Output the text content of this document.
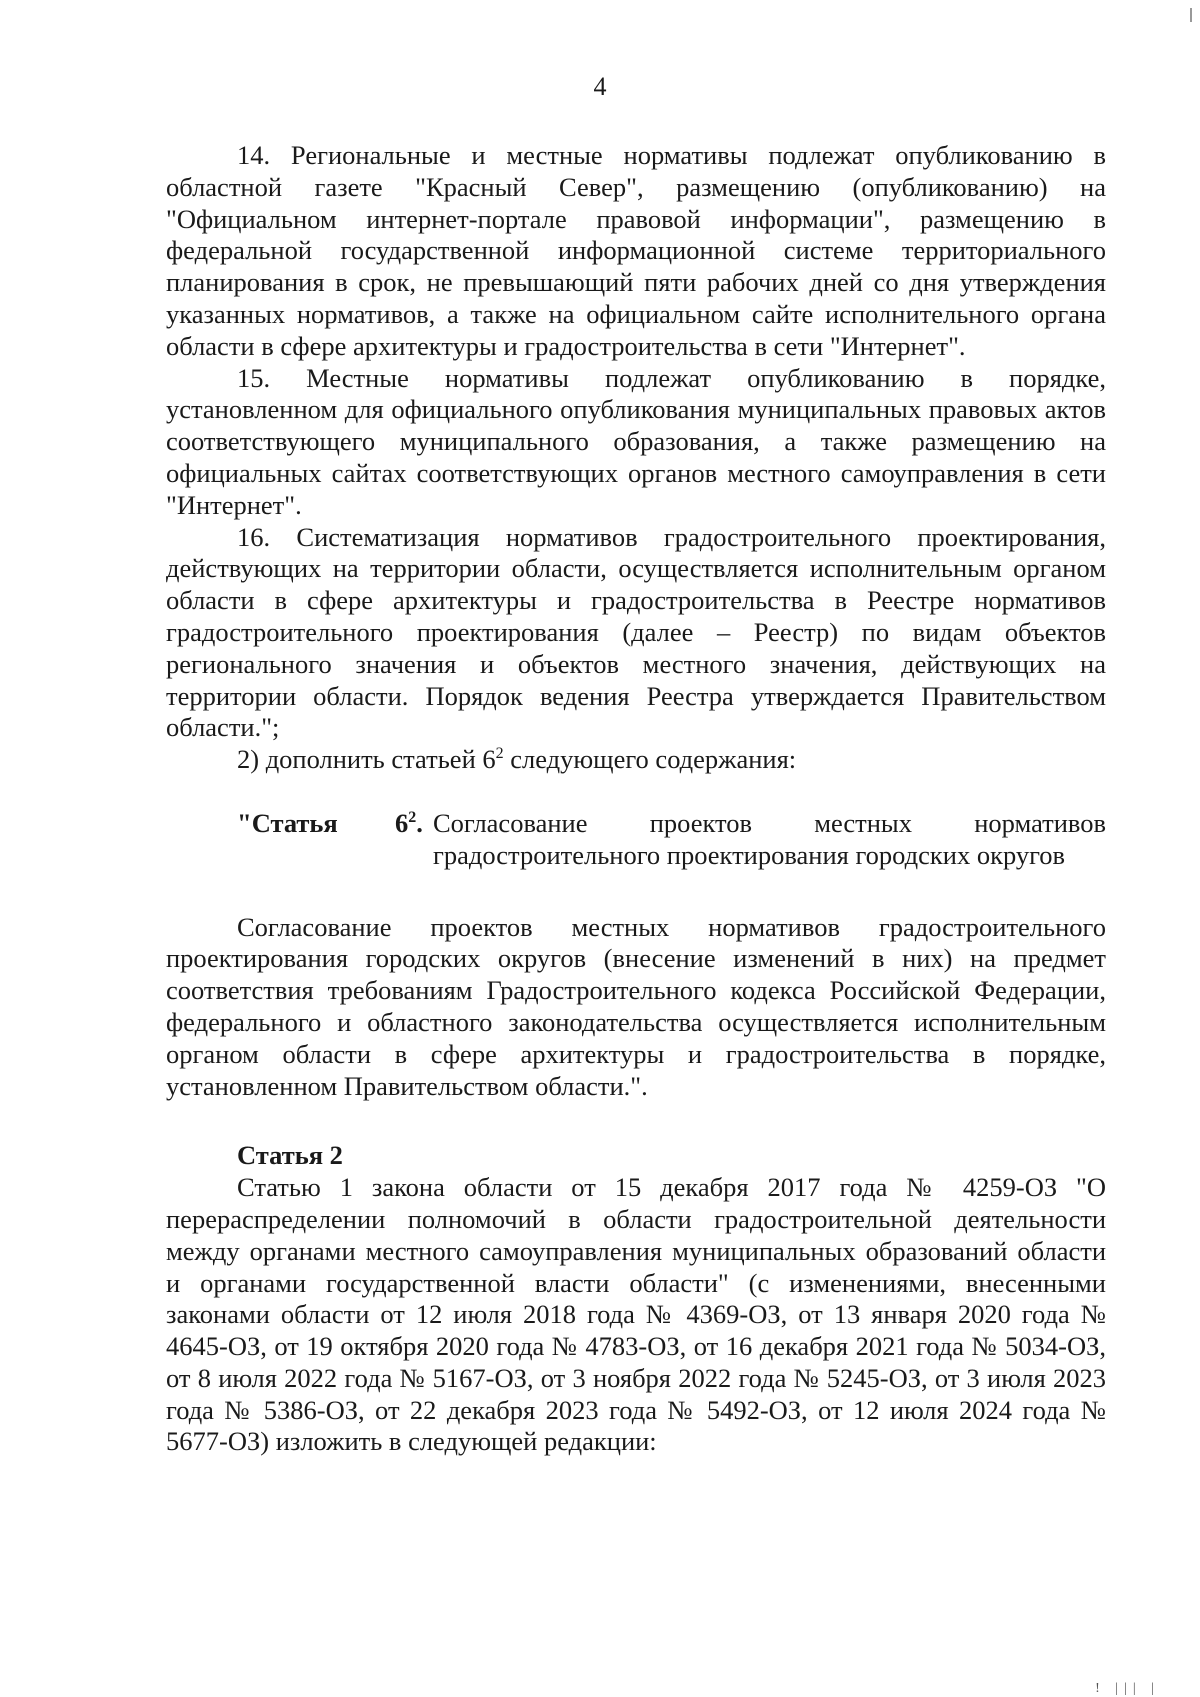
4

14. Региональные и местные нормативы подлежат опубликованию в областной газете "Красный Север", размещению (опубликованию) на "Официальном интернет-портале правовой информации", размещению в федеральной государственной информационной системе территориального планирования в срок, не превышающий пяти рабочих дней со дня утверждения указанных нормативов, а также на официальном сайте исполнительного органа области в сфере архитектуры и градостроительства в сети "Интернет".

15. Местные нормативы подлежат опубликованию в порядке, установленном для официального опубликования муниципальных правовых актов соответствующего муниципального образования, а также размещению на официальных сайтах соответствующих органов местного самоуправления в сети "Интернет".

16. Систематизация нормативов градостроительного проектирования, действующих на территории области, осуществляется исполнительным органом области в сфере архитектуры и градостроительства в Реестре нормативов градостроительного проектирования (далее – Реестр) по видам объектов регионального значения и объектов местного значения, действующих на территории области. Порядок ведения Реестра утверждается Правительством области.";

2) дополнить статьей $6^2$ следующего содержания:

"Статья	$6^2$. Согласование проектов местных нормативов градостроительного проектирования городских округов

Согласование проектов местных нормативов градостроительного проектирования городских округов (внесение изменений в них) на предмет соответствия требованиям Градостроительного кодекса Российской Федерации, федерального и областного законодательства осуществляется исполнительным органом области в сфере архитектуры и градостроительства в порядке, установленном Правительством области.".

Статья 2

Статью 1 закона области от 15 декабря 2017 года № 4259-ОЗ "О перераспределении полномочий в области градостроительной деятельности между органами местного самоуправления муниципальных образований области и органами государственной власти области" (с изменениями, внесенными законами области от 12 июля 2018 года № 4369-ОЗ, от 13 января 2020 года № 4645-ОЗ, от 19 октября 2020 года № 4783-ОЗ, от 16 декабря 2021 года № 5034-ОЗ, от 8 июля 2022 года № 5167-ОЗ, от 3 ноября 2022 года № 5245-ОЗ, от 3 июля 2023 года № 5386-ОЗ, от 22 декабря 2023 года № 5492-ОЗ, от 12 июля 2024 года № 5677-ОЗ) изложить в следующей редакции:

! ||| |
